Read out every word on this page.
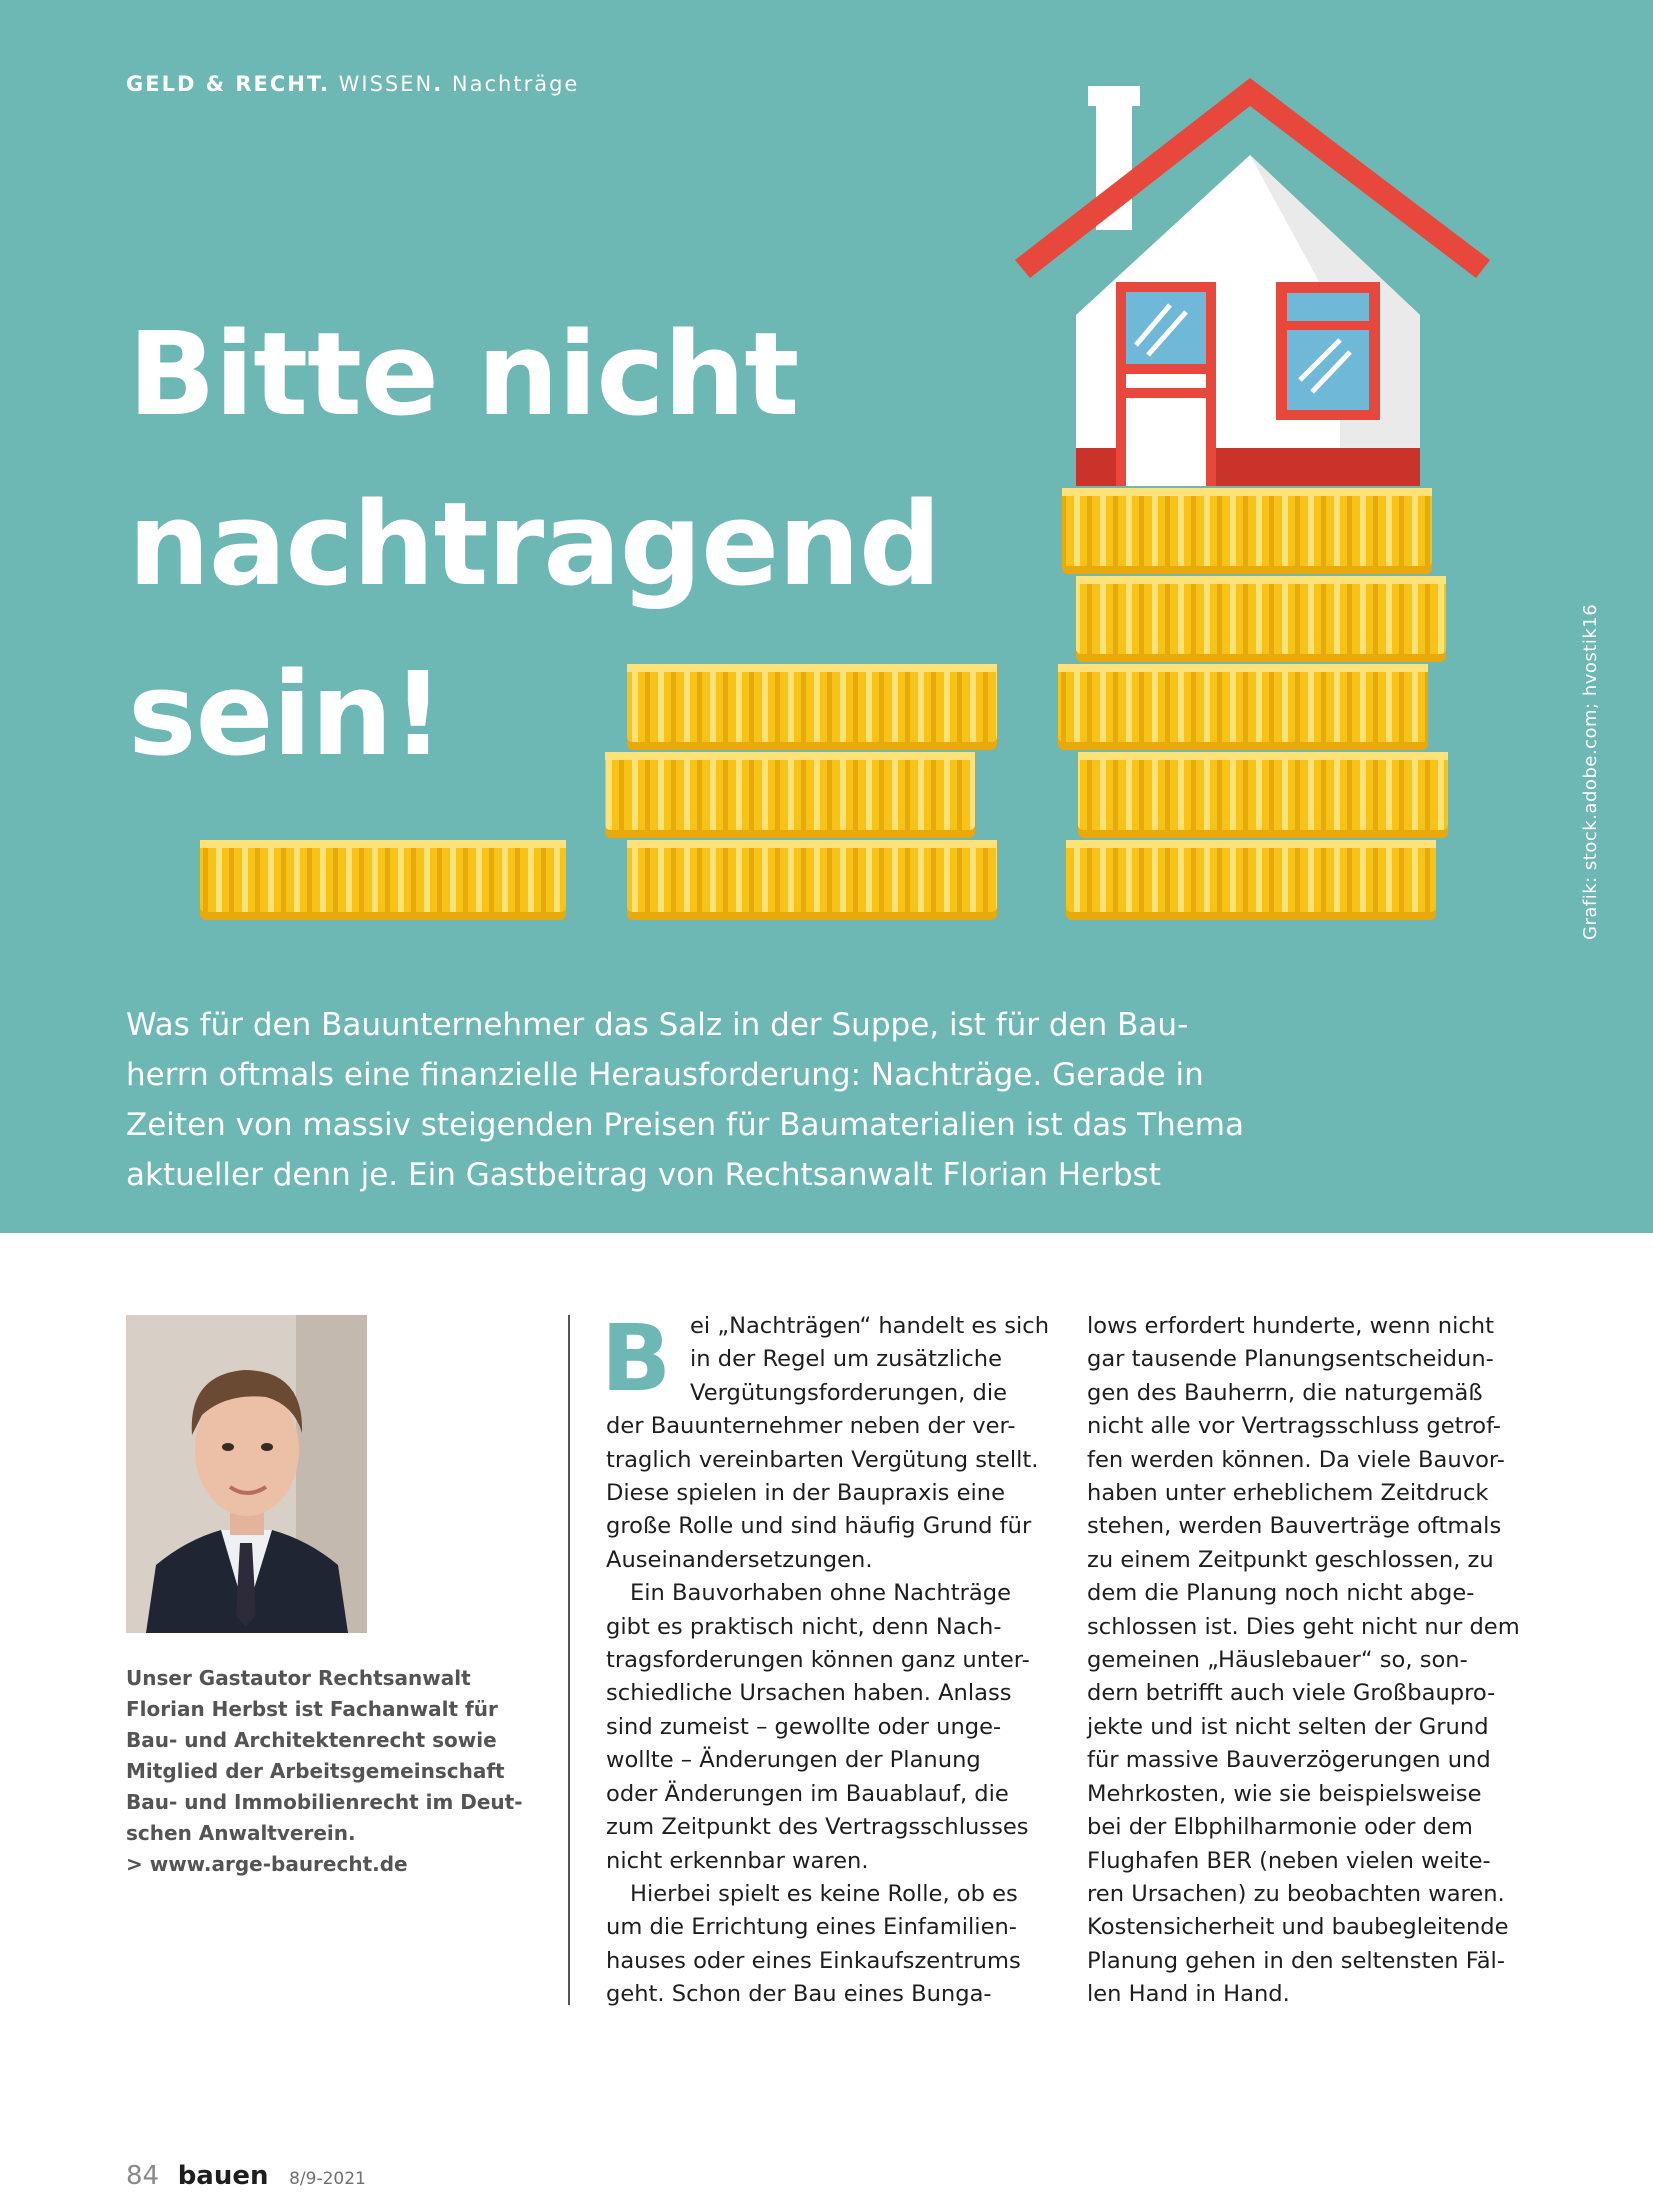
GELD & RECHT. WISSEN. Nachträge
Bitte nicht
nachtragend
sein!	Grafik: stock.adobe.com; hvostik16
Was für den Bauunternehmer das Salz in der Suppe, ist für den Bau-
herrn oftmals eine ﬁnanzielle Herausforderung: Nachträge. Gerade in
Zeiten von massiv steigenden Preisen für Baumaterialien ist das Thema
aktueller denn je. Ein Gastbeitrag von Rechtsanwalt Florian Herbst
Unser Gastautor Rechtsanwalt
Florian Herbst ist Fachanwalt für
Bau- und Architektenrecht sowie
Mitglied der Arbeitsgemeinschaft
Bau- und Immobilienrecht im Deut-
schen Anwaltverein.
> www.arge-baurecht.de
B ei „Nachträgen“ handelt es sich
in der Regel um zusätzliche
Vergütungsforderungen, die
der Bauunternehmer neben der ver-
traglich vereinbarten Vergütung stellt.
Diese spielen in der Baupraxis eine
große Rolle und sind häuﬁg Grund für
Auseinandersetzungen.
Ein Bauvorhaben ohne Nachträge
gibt es praktisch nicht, denn Nach-
tragsforderungen können ganz unter-
schiedliche Ursachen haben. Anlass
sind zumeist – gewollte oder unge-
wollte – Änderungen der Planung
oder Änderungen im Bauablauf, die
zum Zeitpunkt des Vertragsschlusses
nicht erkennbar waren.
Hierbei spielt es keine Rolle, ob es
um die Errichtung eines Einfamilien-
hauses oder eines Einkaufszentrums
geht. Schon der Bau eines Bunga-
lows erfordert hunderte, wenn nicht
gar tausende Planungsentscheidun-
gen des Bauherrn, die naturgemäß
nicht alle vor Vertragsschluss getrof-
fen werden können. Da viele Bauvor-
haben unter erheblichem Zeitdruck
stehen, werden Bauverträge oftmals
zu einem Zeitpunkt geschlossen, zu
dem die Planung noch nicht abge-
schlossen ist. Dies geht nicht nur dem
gemeinen „Häuslebauer“ so, son-
dern betriﬀt auch viele Großbaupro-
jekte und ist nicht selten der Grund
für massive Bauverzögerungen und
Mehrkosten, wie sie beispielsweise
bei der Elbphilharmonie oder dem
Flughafen BER (neben vielen weite-
ren Ursachen) zu beobachten waren.
Kostensicherheit und baubegleitende
Planung gehen in den seltensten Fäl-
len Hand in Hand.
84 bauen 8/9-2021
